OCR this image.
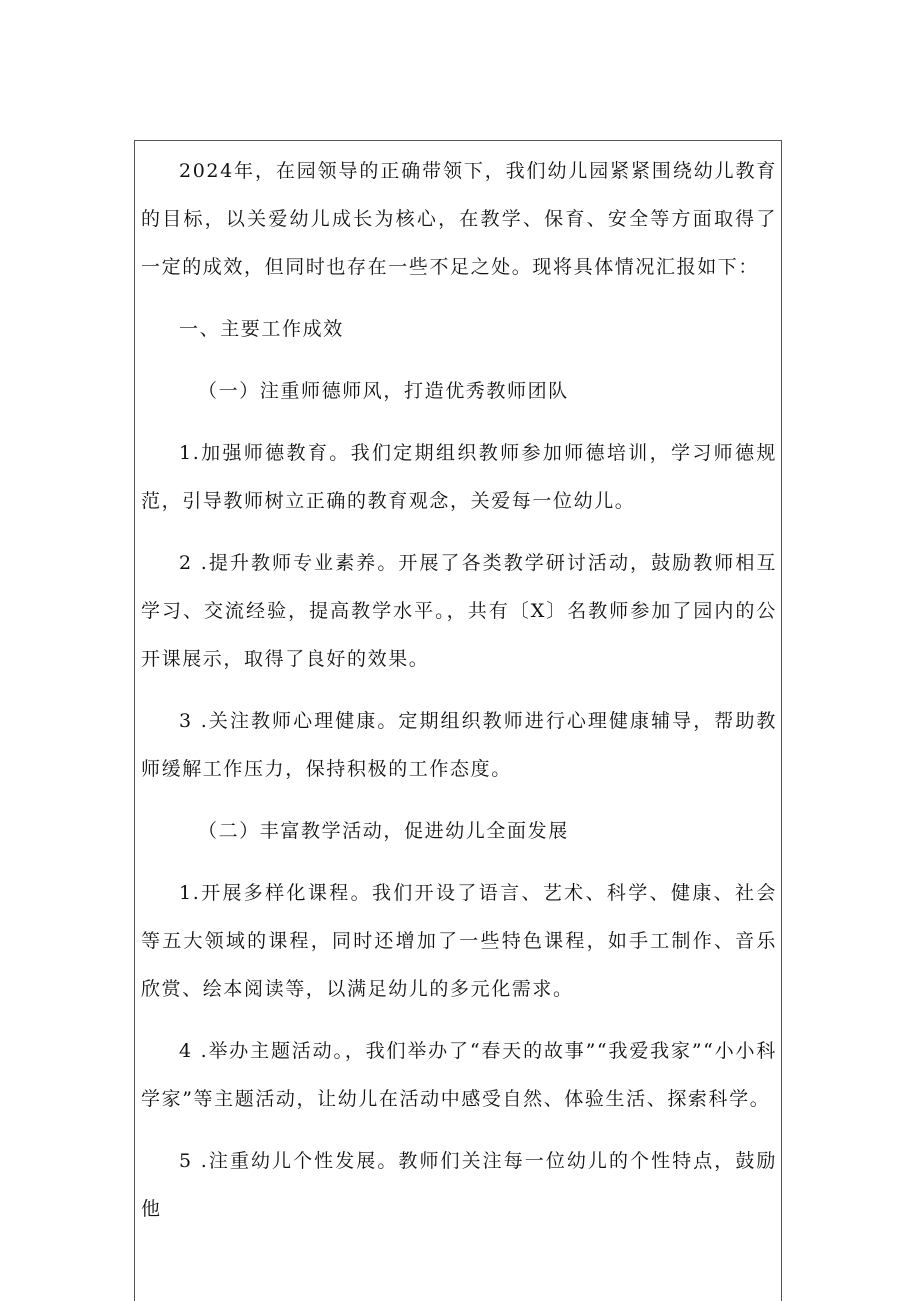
2024年，在园领导的正确带领下，我们幼儿园紧紧围绕幼儿教育的目标，以关爱幼儿成长为核心，在教学、保育、安全等方面取得了一定的成效，但同时也存在一些不足之处。现将具体情况汇报如下：

一、主要工作成效

（一）注重师德师风，打造优秀教师团队

1.加强师德教育。我们定期组织教师参加师德培训，学习师德规范，引导教师树立正确的教育观念，关爱每一位幼儿。

2 .提升教师专业素养。开展了各类教学研讨活动，鼓励教师相互学习、交流经验，提高教学水平。，共有〔X〕名教师参加了园内的公开课展示，取得了良好的效果。

3 .关注教师心理健康。定期组织教师进行心理健康辅导，帮助教师缓解工作压力，保持积极的工作态度。

（二）丰富教学活动，促进幼儿全面发展

1.开展多样化课程。我们开设了语言、艺术、科学、健康、社会等五大领域的课程，同时还增加了一些特色课程，如手工制作、音乐欣赏、绘本阅读等，以满足幼儿的多元化需求。

4 .举办主题活动。，我们举办了“春天的故事”“我爱我家”“小小科学家”等主题活动，让幼儿在活动中感受自然、体验生活、探索科学。

5 .注重幼儿个性发展。教师们关注每一位幼儿的个性特点，鼓励他
